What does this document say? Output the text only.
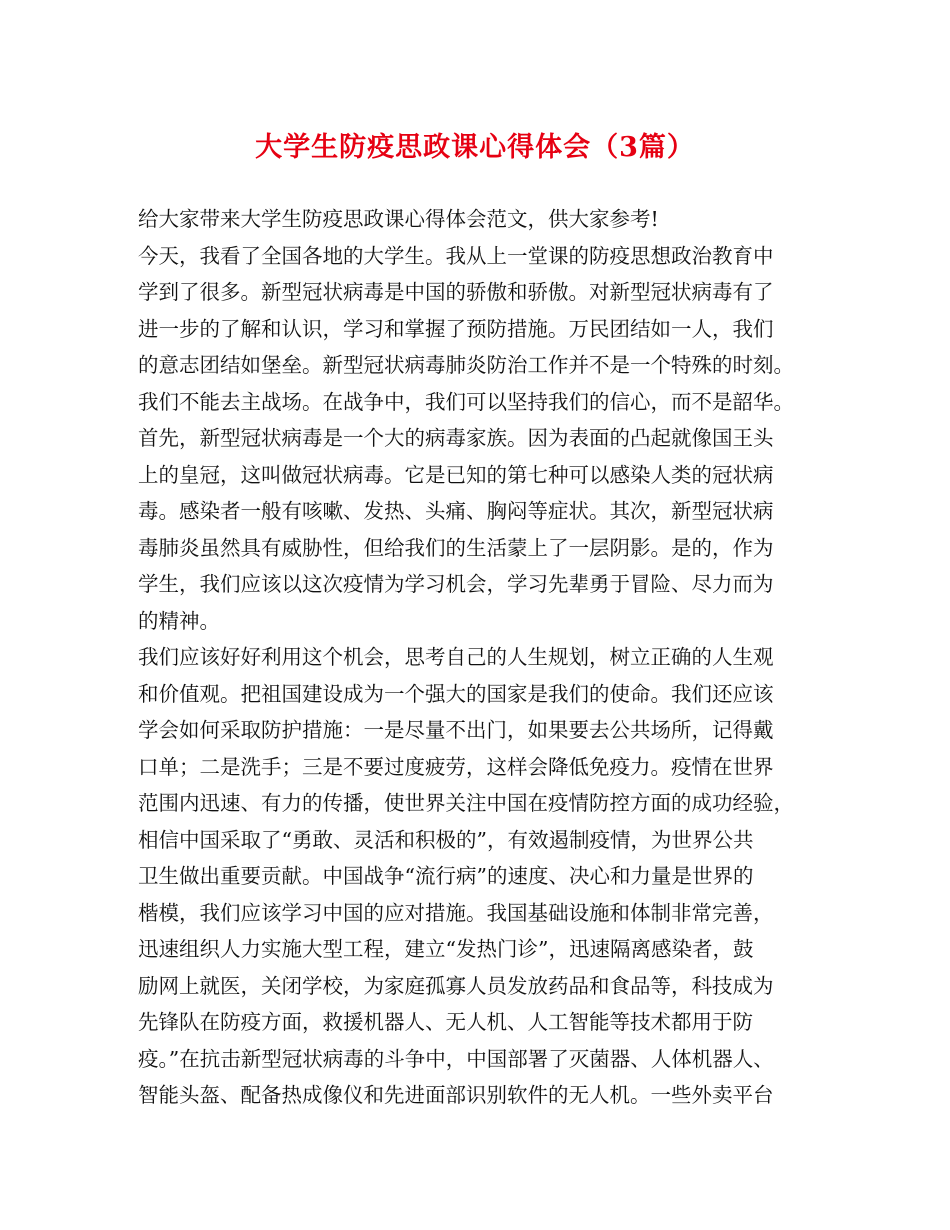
大学生防疫思政课心得体会（3篇）
给大家带来大学生防疫思政课心得体会范文，供大家参考!
今天，我看了全国各地的大学生。我从上一堂课的防疫思想政治教育中
学到了很多。新型冠状病毒是中国的骄傲和骄傲。对新型冠状病毒有了
进一步的了解和认识，学习和掌握了预防措施。万民团结如一人，我们
的意志团结如堡垒。新型冠状病毒肺炎防治工作并不是一个特殊的时刻。
我们不能去主战场。在战争中，我们可以坚持我们的信心，而不是韶华。
首先，新型冠状病毒是一个大的病毒家族。因为表面的凸起就像国王头
上的皇冠，这叫做冠状病毒。它是已知的第七种可以感染人类的冠状病
毒。感染者一般有咳嗽、发热、头痛、胸闷等症状。其次，新型冠状病
毒肺炎虽然具有威胁性，但给我们的生活蒙上了一层阴影。是的，作为
学生，我们应该以这次疫情为学习机会，学习先辈勇于冒险、尽力而为
的精神。
我们应该好好利用这个机会，思考自己的人生规划，树立正确的人生观
和价值观。把祖国建设成为一个强大的国家是我们的使命。我们还应该
学会如何采取防护措施：一是尽量不出门，如果要去公共场所，记得戴
口单；二是洗手；三是不要过度疲劳，这样会降低免疫力。疫情在世界
范围内迅速、有力的传播，使世界关注中国在疫情防控方面的成功经验，
相信中国采取了“勇敢、灵活和积极的”，有效遏制疫情，为世界公共
卫生做出重要贡献。中国战争“流行病”的速度、决心和力量是世界的
楷模，我们应该学习中国的应对措施。我国基础设施和体制非常完善，
迅速组织人力实施大型工程，建立“发热门诊”，迅速隔离感染者，鼓
励网上就医，关闭学校，为家庭孤寡人员发放药品和食品等，科技成为
先锋队在防疫方面，救援机器人、无人机、人工智能等技术都用于防
疫。”在抗击新型冠状病毒的斗争中，中国部署了灭菌器、人体机器人、
智能头盔、配备热成像仪和先进面部识别软件的无人机。一些外卖平台
